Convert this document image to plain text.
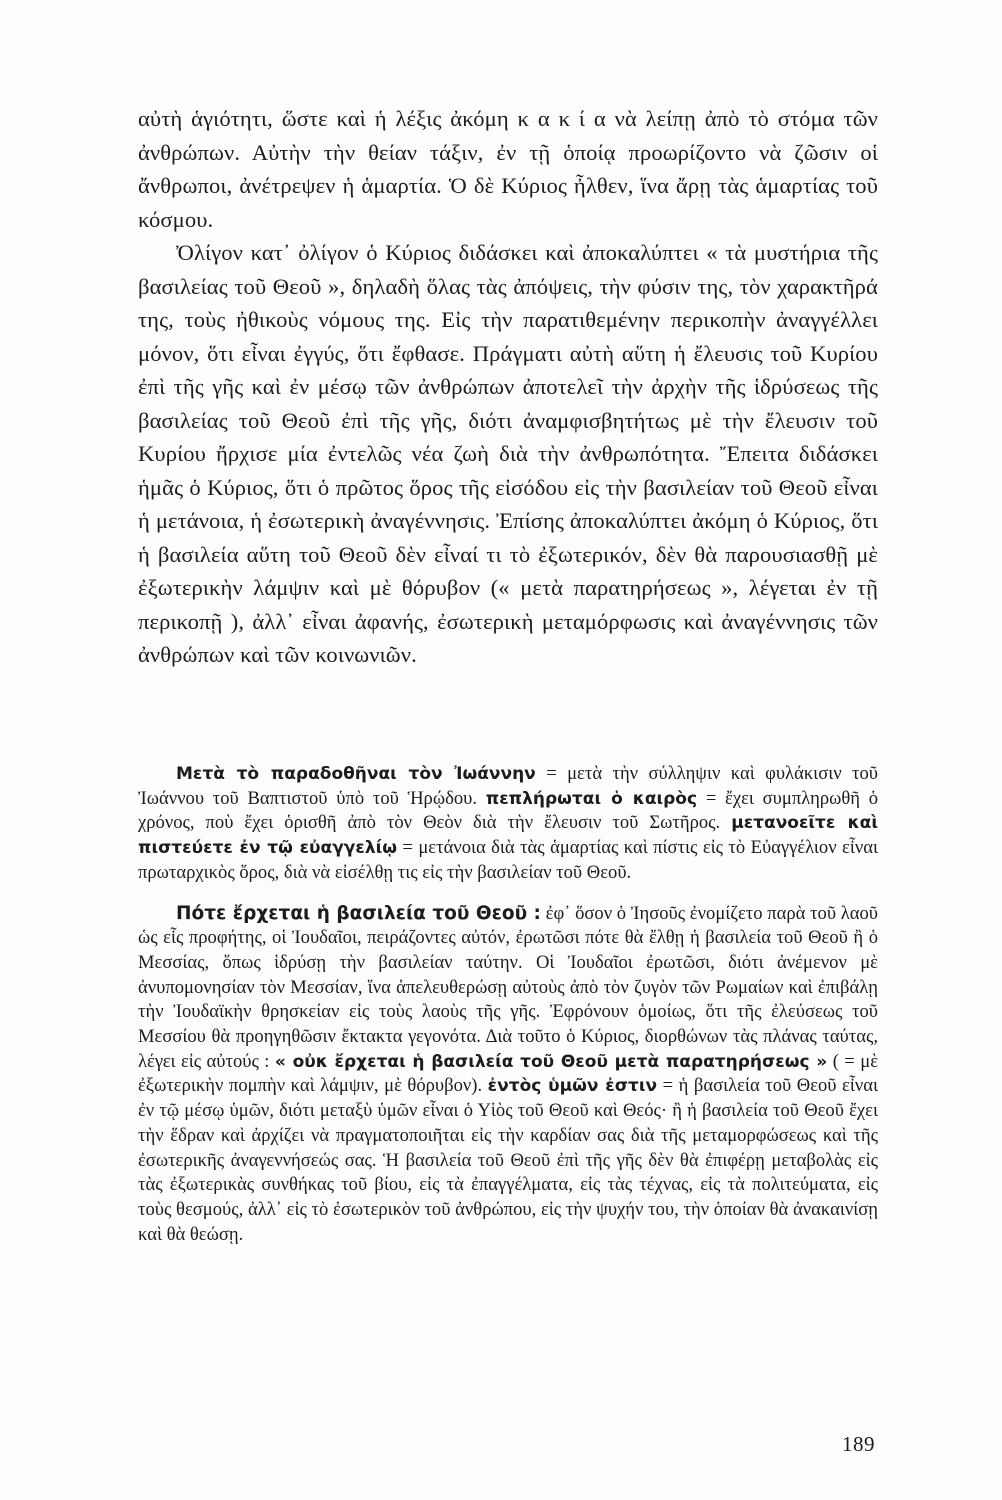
αὐτὴ ἁγιότητι, ὥστε καὶ ἡ λέξις ἀκόμη κ α κ ί α νὰ λείπῃ ἀπὸ τὸ στόμα τῶν ἀνθρώπων. Αὐτὴν τὴν θείαν τάξιν, ἐν τῇ ὁποίᾳ προωρίζοντο νὰ ζῶσιν οἱ ἄνθρωποι, ἀνέτρεψεν ἡ ἁμαρτία. Ὁ δὲ Κύριος ἦλθεν, ἵνα ἄρῃ τὰς ἁμαρτίας τοῦ κόσμου.

Ὀλίγον κατ᾿ ὀλίγον ὁ Κύριος διδάσκει καὶ ἀποκαλύπτει « τὰ μυστήρια τῆς βασιλείας τοῦ Θεοῦ », δηλαδὴ ὅλας τὰς ἀπόψεις, τὴν φύσιν της, τὸν χαρακτῆρά της, τοὺς ἠθικοὺς νόμους της. Εἰς τὴν παρατιθεμένην περικοπὴν ἀναγγέλλει μόνον, ὅτι εἶναι ἐγγύς, ὅτι ἔφθασε. Πράγματι αὐτὴ αὕτη ἡ ἔλευσις τοῦ Κυρίου ἐπὶ τῆς γῆς καὶ ἐν μέσῳ τῶν ἀνθρώπων ἀποτελεῖ τὴν ἀρχὴν τῆς ἱδρύσεως τῆς βασιλείας τοῦ Θεοῦ ἐπὶ τῆς γῆς, διότι ἀναμφισβητήτως μὲ τὴν ἔλευσιν τοῦ Κυρίου ἤρχισε μία ἐντελῶς νέα ζωὴ διὰ τὴν ἀνθρωπότητα. Ἔπειτα διδάσκει ἡμᾶς ὁ Κύριος, ὅτι ὁ πρῶτος ὅρος τῆς εἰσόδου εἰς τὴν βασιλείαν τοῦ Θεοῦ εἶναι ἡ μετάνοια, ἡ ἐσωτερικὴ ἀναγέννησις. Ἐπίσης ἀποκαλύπτει ἀκόμη ὁ Κύριος, ὅτι ἡ βασιλεία αὕτη τοῦ Θεοῦ δὲν εἶναί τι τὸ ἐξωτερικόν, δὲν θὰ παρουσιασθῇ μὲ ἐξωτερικὴν λάμψιν καὶ μὲ θόρυβον (« μετὰ παρατηρήσεως », λέγεται ἐν τῇ περικοπῇ ), ἀλλ᾿ εἶναι ἀφανής, ἐσωτερικὴ μεταμόρφωσις καὶ ἀναγέννησις τῶν ἀνθρώπων καὶ τῶν κοινωνιῶν.

Μετὰ τὸ παραδοθῆναι τὸν Ἰωάννην = μετὰ τὴν σύλληψιν καὶ φυλάκισιν τοῦ Ἰωάννου τοῦ Βαπτιστοῦ ὑπὸ τοῦ Ἡρῴδου. πεπλήρωται ὁ καιρὸς = ἔχει συμπληρωθῆ ὁ χρόνος, ποὺ ἔχει ὁρισθῆ ἀπὸ τὸν Θεὸν διὰ τὴν ἔλευσιν τοῦ Σωτῆρος. μετανοεῖτε καὶ πιστεύετε ἐν τῷ εὐαγγελίῳ = μετάνοια διὰ τὰς ἁμαρτίας καὶ πίστις εἰς τὸ Εὐαγγέλιον εἶναι πρωταρχικὸς ὅρος, διὰ νὰ εἰσέλθῃ τις εἰς τὴν βασιλείαν τοῦ Θεοῦ.

Πότε ἔρχεται ἡ βασιλεία τοῦ Θεοῦ : ἐφ᾿ ὅσον ὁ Ἰησοῦς ἐνομίζετο παρὰ τοῦ λαοῦ ὡς εἷς προφήτης, οἱ Ἰουδαῖοι, πειράζοντες αὐτόν, ἐρωτῶσι πότε θὰ ἔλθῃ ἡ βασιλεία τοῦ Θεοῦ ἢ ὁ Μεσσίας, ὅπως ἱδρύσῃ τὴν βασιλείαν ταύτην. Οἱ Ἰουδαῖοι ἐρωτῶσι, διότι ἀνέμενον μὲ ἀνυπομονησίαν τὸν Μεσσίαν, ἵνα ἀπελευθερώσῃ αὐτοὺς ἀπὸ τὸν ζυγὸν τῶν Ρωμαίων καὶ ἐπιβάλῃ τὴν Ἰουδαϊκὴν θρησκείαν εἰς τοὺς λαοὺς τῆς γῆς. Ἐφρόνουν ὁμοίως, ὅτι τῆς ἐλεύσεως τοῦ Μεσσίου θὰ προηγηθῶσιν ἔκτακτα γεγονότα. Διὰ τοῦτο ὁ Κύριος, διορθώνων τὰς πλάνας ταύτας, λέγει εἰς αὐτούς : « οὐκ ἔρχεται ἡ βασιλεία τοῦ Θεοῦ μετὰ παρατηρήσεως » ( = μὲ ἐξωτερικὴν πομπὴν καὶ λάμψιν, μὲ θόρυβον). ἐντὸς ὑμῶν ἐστιν = ἡ βασιλεία τοῦ Θεοῦ εἶναι ἐν τῷ μέσῳ ὑμῶν, διότι μεταξὺ ὑμῶν εἶναι ὁ Υἱὸς τοῦ Θεοῦ καὶ Θεός· ἢ ἡ βασιλεία τοῦ Θεοῦ ἔχει τὴν ἕδραν καὶ ἀρχίζει νὰ πραγματοποιῆται εἰς τὴν καρδίαν σας διὰ τῆς μεταμορφώσεως καὶ τῆς ἐσωτερικῆς ἀναγεννήσεώς σας. Ἡ βασιλεία τοῦ Θεοῦ ἐπὶ τῆς γῆς δὲν θὰ ἐπιφέρῃ μεταβολὰς εἰς τὰς ἐξωτερικὰς συνθήκας τοῦ βίου, εἰς τὰ ἐπαγγέλματα, εἰς τὰς τέχνας, εἰς τὰ πολιτεύματα, εἰς τοὺς θεσμούς, ἀλλ᾿ εἰς τὸ ἐσωτερικὸν τοῦ ἀνθρώπου, εἰς τὴν ψυχήν του, τὴν ὁποίαν θὰ ἀνακαινίσῃ καὶ θὰ θεώσῃ.

189
